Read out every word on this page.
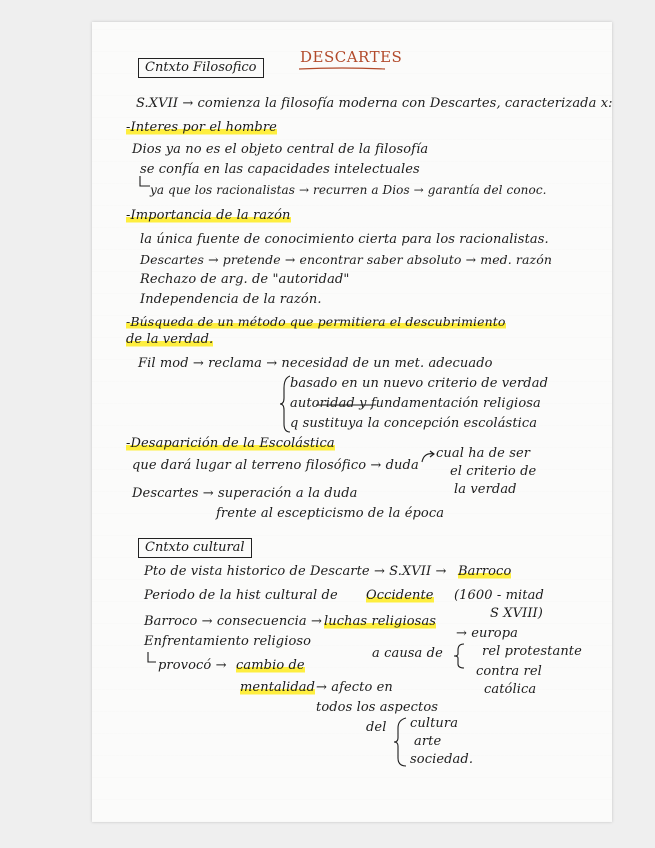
DESCARTES
Cntxto Filosofico
S.XVII → comienza la filosofía moderna con Descartes, caracterizada x:
-Interes por el hombre
Dios ya no es el objeto central de la filosofía
se confía en las capacidades intelectuales
ya que los racionalistas → recurren a Dios → garantía del conoc.
-Importancia de la razón
la única fuente de conocimiento cierta para los racionalistas.
Descartes → pretende → encontrar saber absoluto → med. razón
Rechazo de arg. de "autoridad"
Independencia de la razón.
-Búsqueda de un método que permitiera el descubrimiento
de la verdad.
Fil mod → reclama → necesidad de un met. adecuado
basado en un nuevo criterio de verdad
autoridad y fundamentación religiosa
q sustituya la concepción escolástica
-Desaparición de la Escolástica
que dará lugar al terreno filosófico → duda
cual ha de ser
el criterio de
la verdad
Descartes → superación a la duda
frente al escepticismo de la época
Cntxto cultural
Pto de vista historico de Descarte → S.XVII → Barroco
Periodo de la hist cultural de Occidente (1600 - mitad
S XVIII)
Barroco → consecuencia → luchas religiosas
→ europa
Enfrentamiento religioso
a causa de	rel protestante
contra rel
católica
provocó → cambio de
mentalidad → afecto en
todos los aspectos
del cultura
arte
sociedad.
